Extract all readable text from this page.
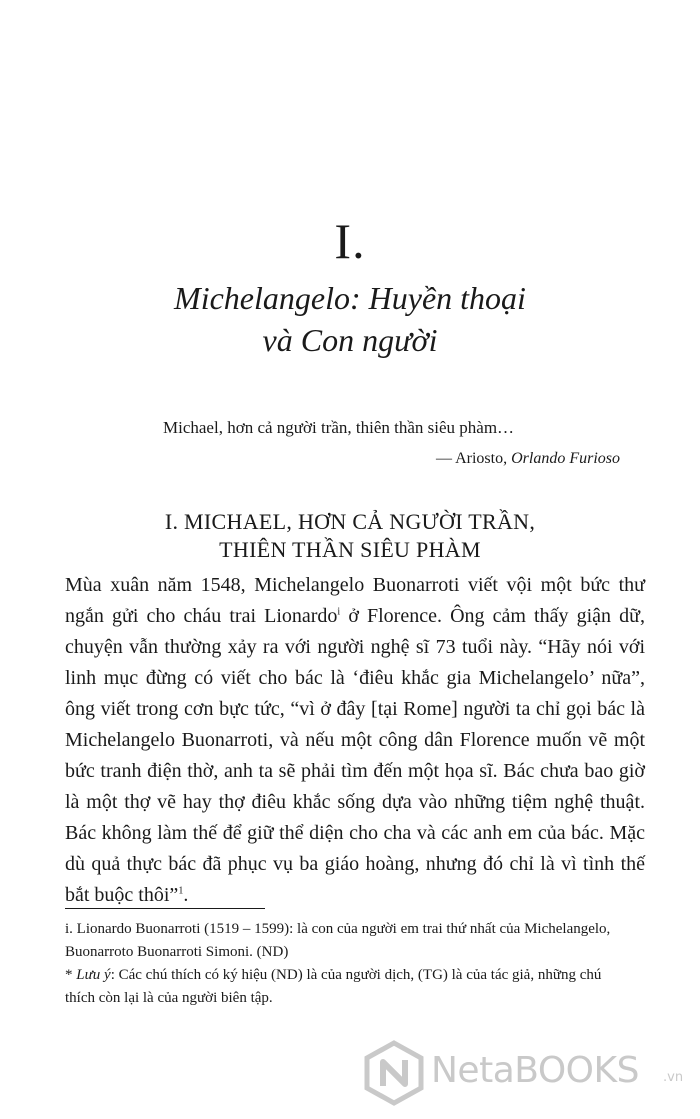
I.
Michelangelo: Huyền thoại
và Con người
Michael, hơn cả người trần, thiên thần siêu phàm…
— Ariosto, Orlando Furioso
I. MICHAEL, HƠN CẢ NGƯỜI TRẦN,
THIÊN THẦN SIÊU PHÀM
Mùa xuân năm 1548, Michelangelo Buonarroti viết vội một bức thư
ngắn gửi cho cháu trai Lionardo$^i$ ở Florence. Ông cảm thấy giận dữ,
chuyện vẫn thường xảy ra với người nghệ sĩ 73 tuổi này. “Hãy nói với
linh mục đừng có viết cho bác là ‘điêu khắc gia Michelangelo’ nữa”,
ông viết trong cơn bực tức, “vì ở đây [tại Rome] người ta chỉ gọi bác là
Michelangelo Buonarroti, và nếu một công dân Florence muốn vẽ một
bức tranh điện thờ, anh ta sẽ phải tìm đến một họa sĩ. Bác chưa bao giờ
là một thợ vẽ hay thợ điêu khắc sống dựa vào những tiệm nghệ thuật.
Bác không làm thế để giữ thể diện cho cha và các anh em của bác. Mặc
dù quả thực bác đã phục vụ ba giáo hoàng, nhưng đó chỉ là vì tình thế
bắt buộc thôi”$^1$.
i. Lionardo Buonarroti (1519 – 1599): là con của người em trai thứ nhất của Michelangelo,
Buonarroto Buonarroti Simoni. (ND)
* Lưu ý: Các chú thích có ký hiệu (ND) là của người dịch, (TG) là của tác giả, những chú
thích còn lại là của người biên tập.
NetaBOOKS .vn
